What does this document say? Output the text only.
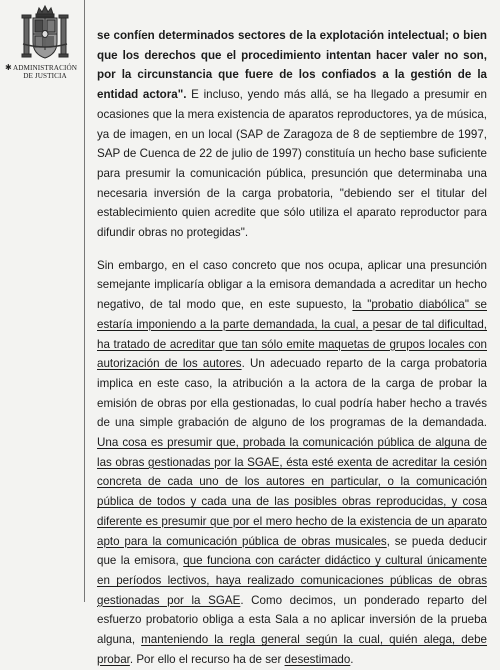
✱ ADMINISTRACIÓN
DE JUSTICIA

se confíen determinados sectores de la explotación intelectual; o bien que los derechos que el procedimiento intentan hacer valer no son, por la circunstancia que fuere de los confiados a la gestión de la entidad actora". E incluso, yendo más allá, se ha llegado a presumir en ocasiones que la mera existencia de aparatos reproductores, ya de música, ya de imagen, en un local (SAP de Zaragoza de 8 de septiembre de 1997, SAP de Cuenca de 22 de julio de 1997) constituía un hecho base suficiente para presumir la comunicación pública, presunción que determinaba una necesaria inversión de la carga probatoria, "debiendo ser el titular del establecimiento quien acredite que sólo utiliza el aparato reproductor para difundir obras no protegidas".

Sin embargo, en el caso concreto que nos ocupa, aplicar una presunción semejante implicaría obligar a la emisora demandada a acreditar un hecho negativo, de tal modo que, en este supuesto, la "probatio diabólica" se estaría imponiendo a la parte demandada, la cual, a pesar de tal dificultad, ha tratado de acreditar que tan sólo emite maquetas de grupos locales con autorización de los autores. Un adecuado reparto de la carga probatoria implica en este caso, la atribución a la actora de la carga de probar la emisión de obras por ella gestionadas, lo cual podría haber hecho a través de una simple grabación de alguno de los programas de la demandada. Una cosa es presumir que, probada la comunicación pública de alguna de las obras gestionadas por la SGAE, ésta esté exenta de acreditar la cesión concreta de cada uno de los autores en particular, o la comunicación pública de todos y cada una de las posibles obras reproducidas, y cosa diferente es presumir que por el mero hecho de la existencia de un aparato apto para la comunicación pública de obras musicales, se pueda deducir que la emisora, que funciona con carácter didáctico y cultural únicamente en períodos lectivos, haya realizado comunicaciones públicas de obras gestionadas por la SGAE. Como decimos, un ponderado reparto del esfuerzo probatorio obliga a esta Sala a no aplicar inversión de la prueba alguna, manteniendo la regla general según la cual, quién alega, debe probar. Por ello el recurso ha de ser desestimado.
